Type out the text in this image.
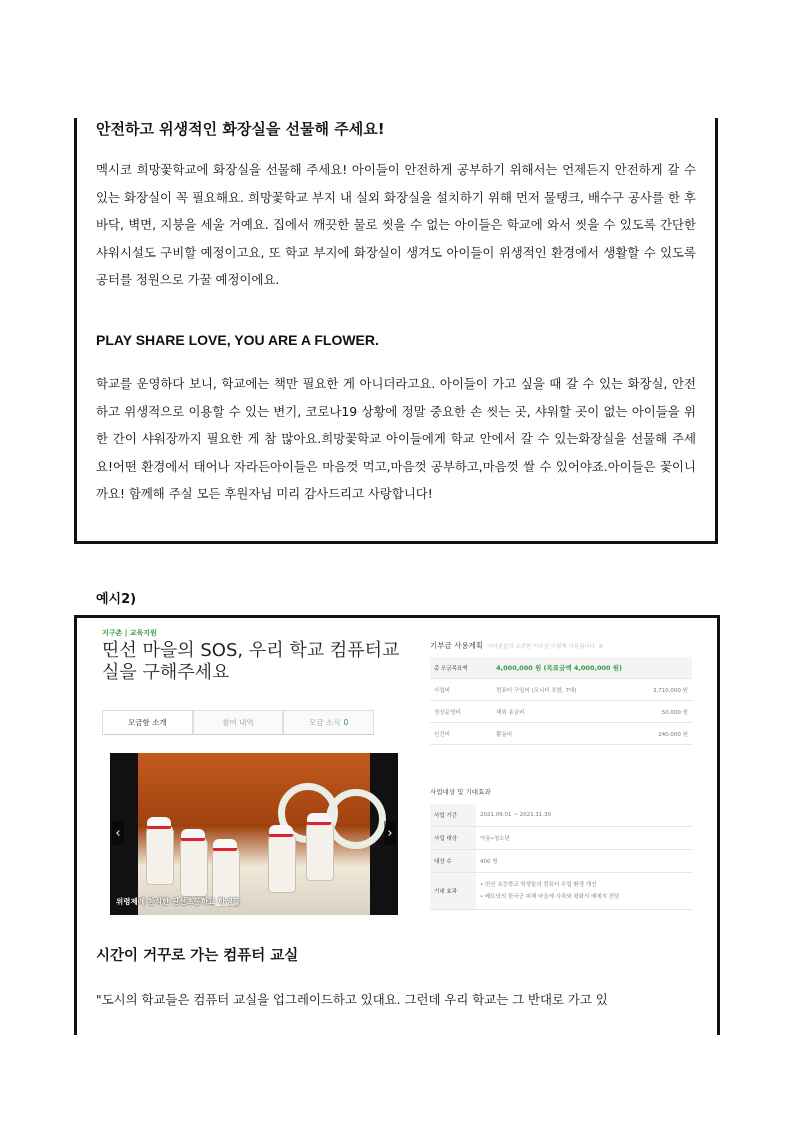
안전하고 위생적인 화장실을 선물해 주세요!

멕시코 희망꽃학교에 화장실을 선물해 주세요! 아이들이 안전하게 공부하기 위해서는 언제든지 안전하게 갈 수 있는 화장실이 꼭 필요해요. 희망꽃학교 부지 내 실외 화장실을 설치하기 위해 먼저 물탱크, 배수구 공사를 한 후 바닥, 벽면, 지붕을 세울 거예요. 집에서 깨끗한 물로 씻을 수 없는 아이들은 학교에 와서 씻을 수 있도록 간단한 샤워시설도 구비할 예정이고요, 또 학교 부지에 화장실이 생겨도 아이들이 위생적인 환경에서 생활할 수 있도록 공터를 정원으로 가꿀 예정이에요.

PLAY SHARE LOVE, YOU ARE A FLOWER.

학교를 운영하다 보니, 학교에는 책만 필요한 게 아니더라고요. 아이들이 가고 싶을 때 갈 수 있는 화장실, 안전하고 위생적으로 이용할 수 있는 변기, 코로나19 상황에 정말 중요한 손 씻는 곳, 샤워할 곳이 없는 아이들을 위한 간이 샤워장까지 필요한 게 참 많아요.희망꽃학교 아이들에게 학교 안에서 갈 수 있는화장실을 선물해 주세요!어떤 환경에서 태어나 자라든아이들은 마음껏 먹고,마음껏 공부하고,마음껏 쌀 수 있어야죠.아이들은 꽃이니까요! 함께해 주실 모든 후원자님 미리 감사드리고 사랑합니다!

예시2)
지구촌 | 교육지원
띤선 마을의 SOS, 우리 학교 컴퓨터교실을 구해주세요
모금함 소개	참여 내역	모금 소식 0
‹	›
위령제에 참석한 띤선초등학교 학생들
기부금 사용계획 여러분들의 소중한 기부금 이렇게 사용됩니다. ※
총 모금목표액	4,000,000 원 (목표금액 4,000,000 원)	
사업비	컴퓨터 구입비 (모니터 포함, 7대)	3,710,000 원
경상운영비	해외 송금비	50,000 원
인건비	활동비	240,000 원
사업대상 및 기대효과
사업 기간	2021.09.01 ~ 2021.11.30
사업 대상	아동•청소년
대상 수	400 명
기대 효과	• 띤선 초등학교 학생들의 컴퓨터 수업 환경 개선
• 베트남의 한국군 피해 마을에 사과와 평화의 메세지 전달
시간이 거꾸로 가는 컴퓨터 교실
"도시의 학교들은 컴퓨터 교실을 업그레이드하고 있대요. 그런데 우리 학교는 그 반대로 가고 있
